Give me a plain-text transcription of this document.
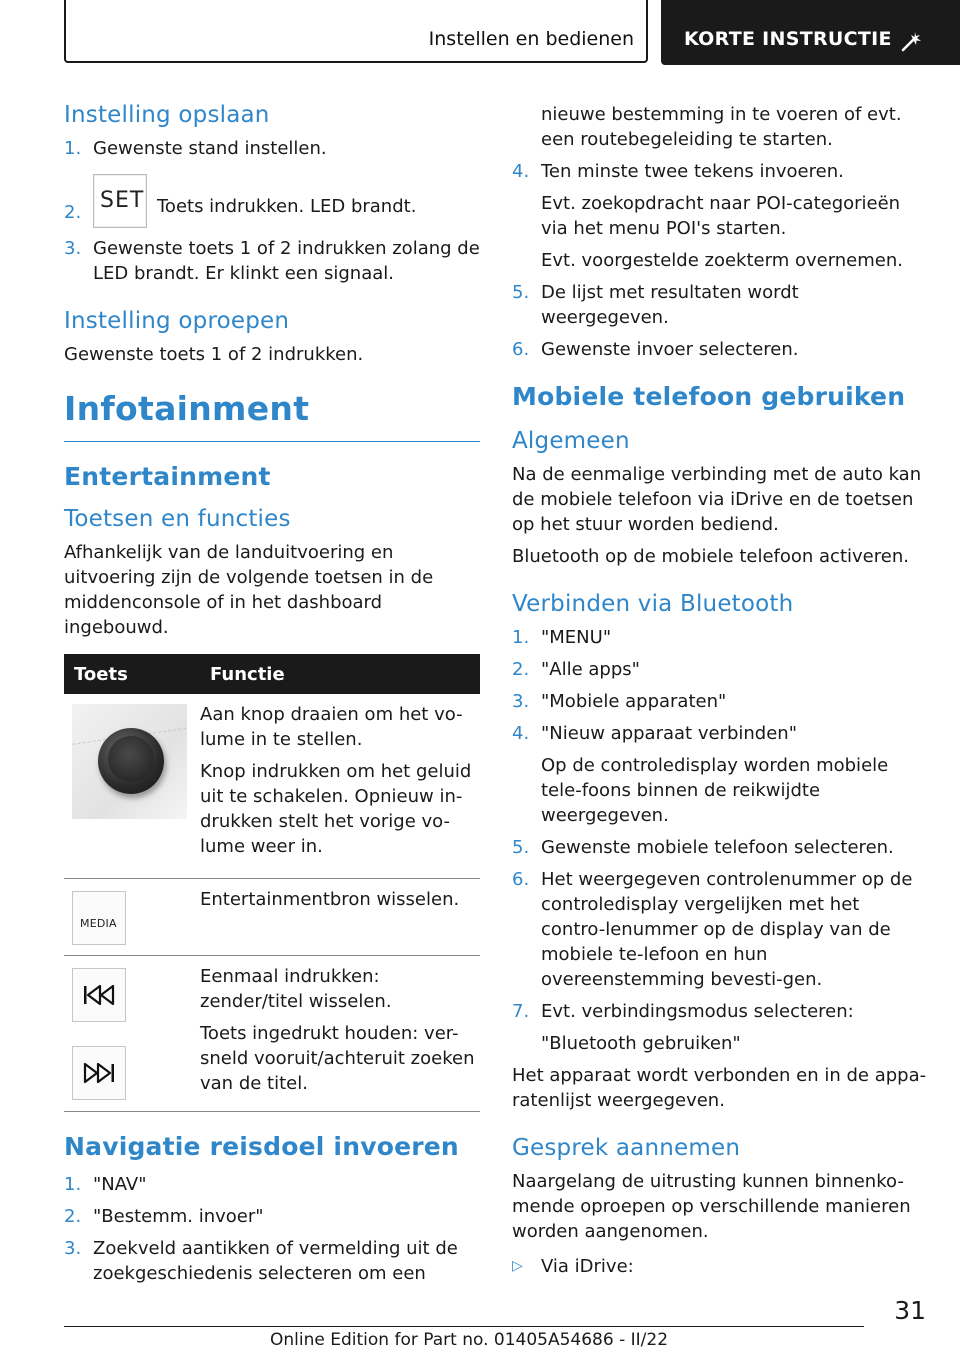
Instellen en bedienen	KORTE INSTRUCTIE
Instelling opslaan
1. Gewenste stand instellen.
2. SET Toets indrukken. LED brandt.
3. Gewenste toets 1 of 2 indrukken zolang de LED brandt. Er klinkt een signaal.
Instelling oproepen

Gewenste toets 1 of 2 indrukken.

Infotainment
Entertainment
Toetsen en functies

Afhankelijk van de landuitvoering en uitvoering zijn de volgende toetsen in de middenconsole of in het dashboard ingebouwd.

Toets	Functie

	Aan knop draaien om het vo-lume in te stellen.

Knop indrukken om het geluid uit te schakelen. Opnieuw in-drukken stelt het vorige vo-lume weer in.

MEDIA	Entertainmentbron wisselen.

Eenmaal indrukken: zender/titel wisselen.

Toets ingedrukt houden: ver-sneld vooruit/achteruit zoeken van de titel.

Navigatie reisdoel invoeren
1. "NAV"
2. "Bestemm. invoer"
3. Zoekveld aantikken of vermelding uit de zoekgeschiedenis selecteren om een

nieuwe bestemming in te voeren of evt. een routebegeleiding te starten.

4. Ten minste twee tekens invoeren.
Evt. zoekopdracht naar POI-categorieën via het menu POI's starten.
Evt. voorgestelde zoekterm overnemen.
5. De lijst met resultaten wordt weergegeven.
6. Gewenste invoer selecteren.
Mobiele telefoon gebruiken
Algemeen

Na de eenmalige verbinding met de auto kan de mobiele telefoon via iDrive en de toetsen op het stuur worden bediend.

Bluetooth op de mobiele telefoon activeren.

Verbinden via Bluetooth
1. "MENU"
2. "Alle apps"
3. "Mobiele apparaten"
4. "Nieuw apparaat verbinden"
Op de controledisplay worden mobiele tele-foons binnen de reikwijdte weergegeven.
5. Gewenste mobiele telefoon selecteren.
6. Het weergegeven controlenummer op de controledisplay vergelijken met het contro-lenummer op de display van de mobiele te-lefoon en hun overeenstemming bevesti-gen.
7. Evt. verbindingsmodus selecteren:
"Bluetooth gebruiken"

Het apparaat wordt verbonden en in de appa-ratenlijst weergegeven.

Gesprek aannemen

Naargelang de uitrusting kunnen binnenko-mende oproepen op verschillende manieren worden aangenomen.

▷ Via iDrive:
31
Online Edition for Part no. 01405A54686 - II/22
